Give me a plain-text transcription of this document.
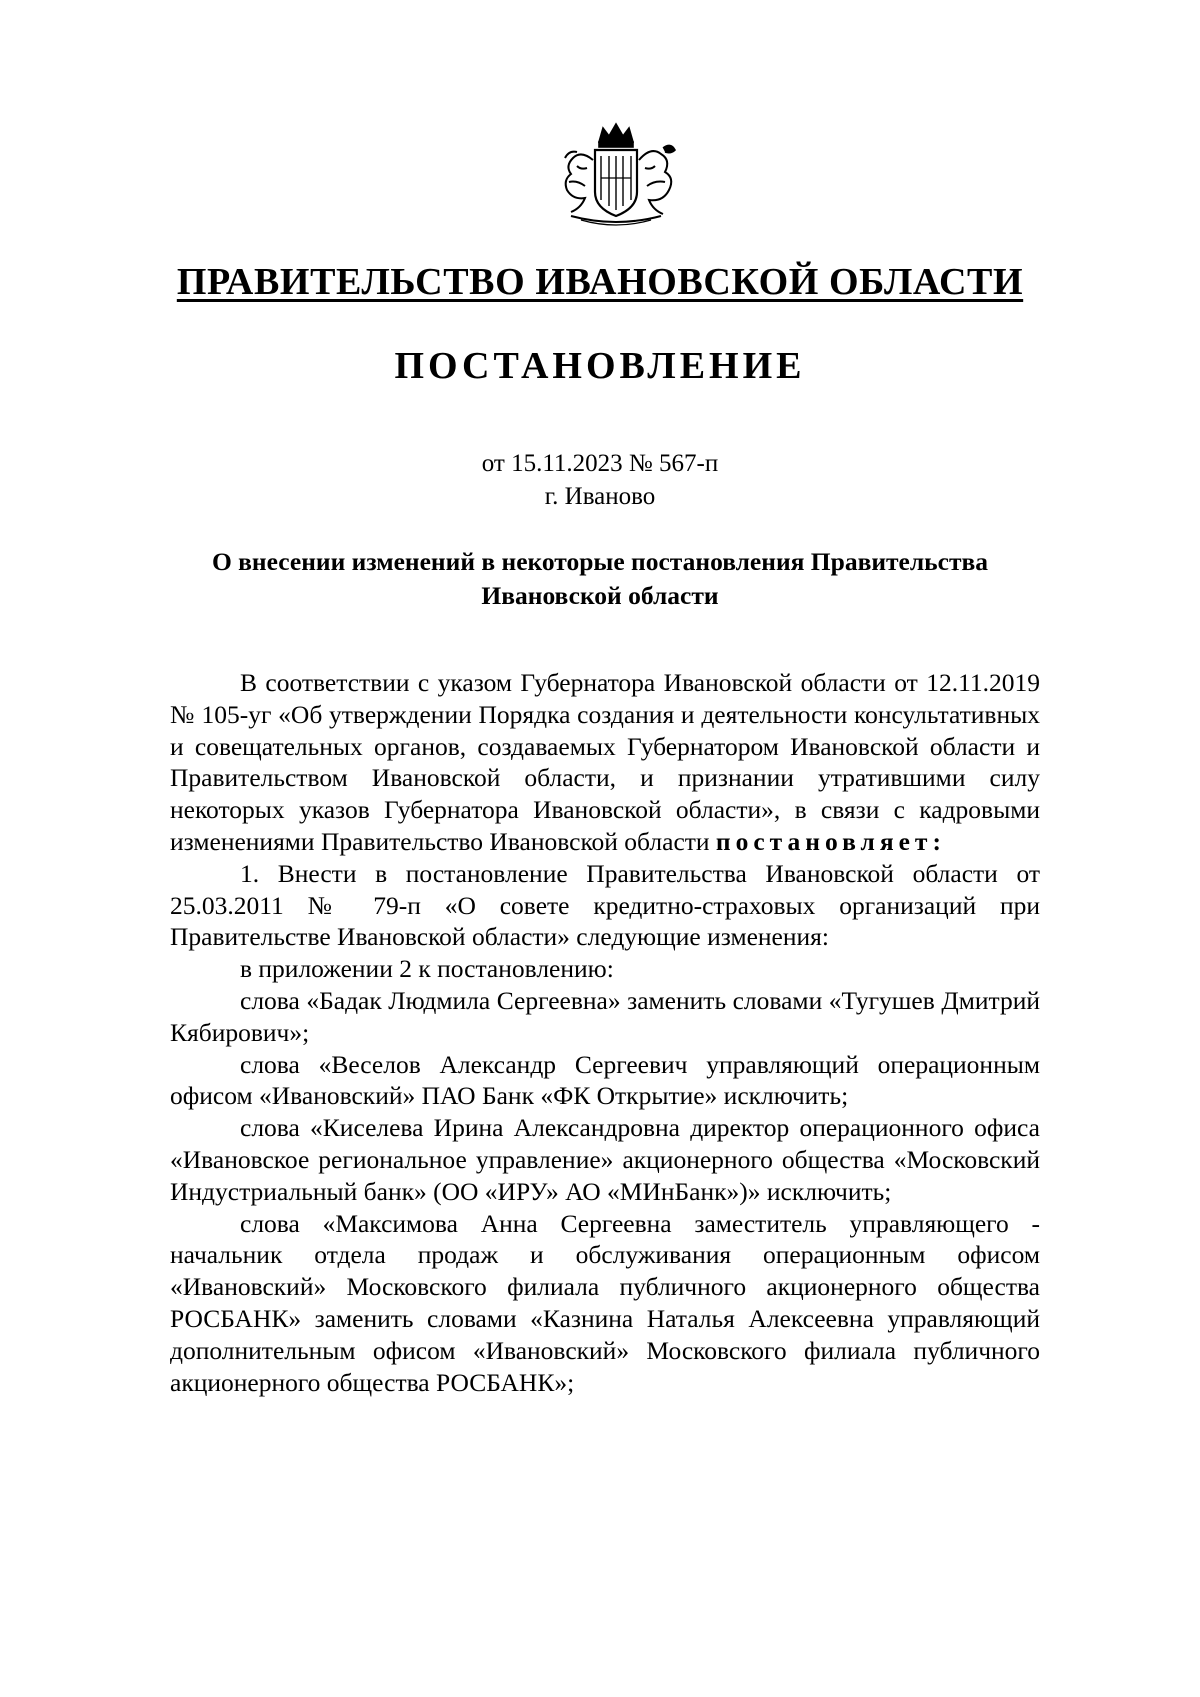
ПРАВИТЕЛЬСТВО ИВАНОВСКОЙ ОБЛАСТИ
ПОСТАНОВЛЕНИЕ
от 15.11.2023 № 567-п
г. Иваново
О внесении изменений в некоторые постановления Правительства
Ивановской области

В соответствии с указом Губернатора Ивановской области от 12.11.2019 № 105-уг «Об утверждении Порядка создания и деятельности консультативных и совещательных органов, создаваемых Губернатором Ивановской области и Правительством Ивановской области, и признании утратившими силу некоторых указов Губернатора Ивановской области», в связи с кадровыми изменениями Правительство Ивановской области постановляет:

1. Внести в постановление Правительства Ивановской области от 25.03.2011 № 79-п «О совете кредитно-страховых организаций при Правительстве Ивановской области» следующие изменения:

в приложении 2 к постановлению:

слова «Бадак Людмила Сергеевна» заменить словами «Тугушев Дмитрий Кябирович»;

слова «Веселов Александр Сергеевич управляющий операционным офисом «Ивановский» ПАО Банк «ФК Открытие» исключить;

слова «Киселева Ирина Александровна директор операционного офиса «Ивановское региональное управление» акционерного общества «Московский Индустриальный банк» (ОО «ИРУ» АО «МИнБанк»)» исключить;

слова «Максимова Анна Сергеевна заместитель управляющего - начальник отдела продаж и обслуживания операционным офисом «Ивановский» Московского филиала публичного акционерного общества РОСБАНК» заменить словами «Казнина Наталья Алексеевна управляющий дополнительным офисом «Ивановский» Московского филиала публичного акционерного общества РОСБАНК»;
